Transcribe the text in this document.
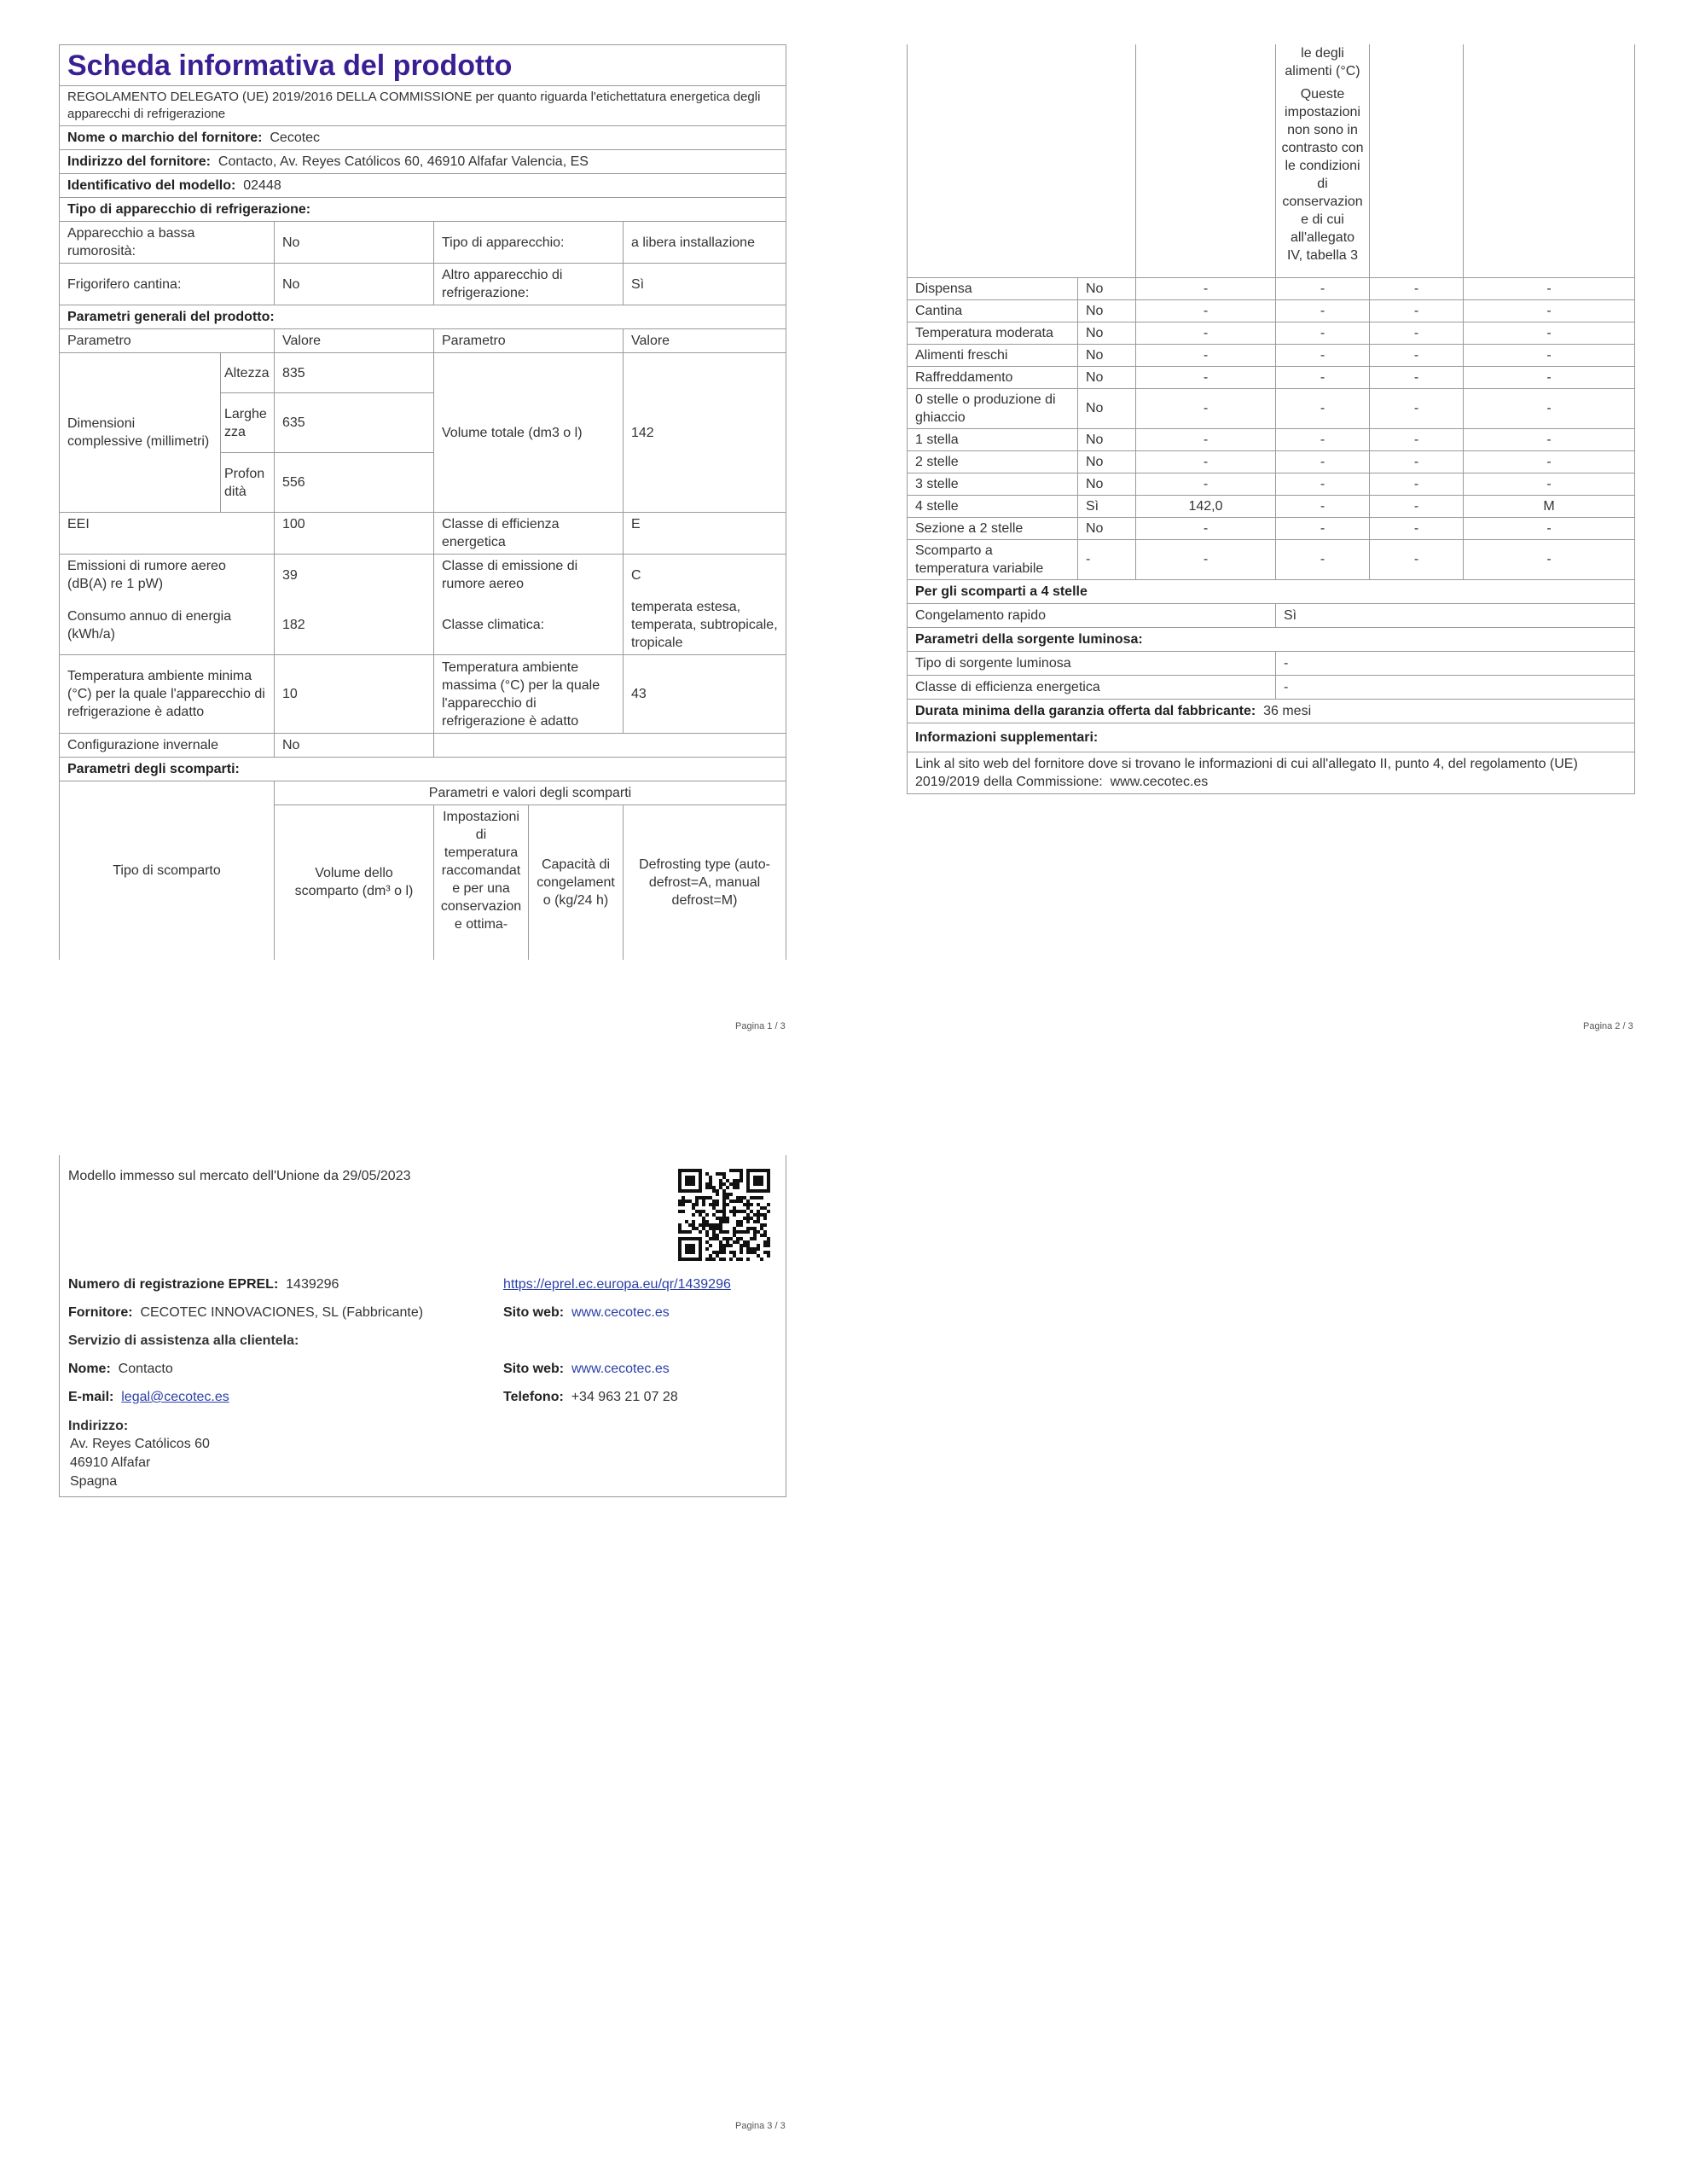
Scheda informativa del prodotto					
REGOLAMENTO DELEGATO (UE) 2019/2016 DELLA COMMISSIONE per quanto riguarda l'etichettatura energetica degli apparecchi di refrigerazione					
Nome o marchio del fornitore: Cecotec					
Indirizzo del fornitore: Contacto, Av. Reyes Católicos 60, 46910 Alfafar Valencia, ES					
Identificativo del modello: 02448					
Tipo di apparecchio di refrigerazione:					
Apparecchio a bassa rumorosità:		No	Tipo di apparecchio:		a libera installazione
Frigorifero cantina:		No	Altro apparecchio di refrigerazione:		Sì
Parametri generali del prodotto:					
Parametro		Valore	Parametro		Valore
Dimensioni complessive (millimetri)	Altezza	835	Volume totale (dm3 o l)		142
	Larghezza	635			
	Profondità	556			
EEI		100	Classe di efficienza energetica		E
Emissioni di rumore aereo (dB(A) re 1 pW)		39	Classe di emissione di rumore aereo		C
Consumo annuo di energia (kWh/a)		182	Classe climatica:		temperata estesa, temperata, subtropicale, tropicale
Temperatura ambiente minima (°C) per la quale l'apparecchio di refrigerazione è adatto		10	Temperatura ambiente massima (°C) per la quale l'apparecchio di refrigerazione è adatto		43
Configurazione invernale		No			
Parametri degli scomparti:					
Tipo di scomparto		Parametri e valori degli scomparti			
		Volume dello scomparto (dm³ o l)	Impostazioni di temperatura raccomandate per una conservazione ottima-	Capacità di congelamento (kg/24 h)	Defrosting type (auto-defrost=A, manual defrost=M)
Pagina 1 / 3

			le degli alimenti (°C)
Queste impostazioni non sono in contrasto con le condizioni di conservazione di cui all'allegato IV, tabella 3		

Dispensa	No	-	-	-	-
Cantina	No	-	-	-	-
Temperatura moderata	No	-	-	-	-
Alimenti freschi	No	-	-	-	-
Raffreddamento	No	-	-	-	-
0 stelle o produzione di ghiaccio	No	-	-	-	-
1 stella	No	-	-	-	-
2 stelle	No	-	-	-	-
3 stelle	No	-	-	-	-
4 stelle	Sì	142,0	-	-	M
Sezione a 2 stelle	No	-	-	-	-
Scomparto a temperatura variabile	-	-	-	-	-
Per gli scomparti a 4 stelle					
Congelamento rapido			Sì		
Parametri della sorgente luminosa:					
Tipo di sorgente luminosa			-		
Classe di efficienza energetica			-		
Durata minima della garanzia offerta dal fabbricante: 36 mesi					
Informazioni supplementari:					
Link al sito web del fornitore dove si trovano le informazioni di cui all'allegato II, punto 4, del regolamento (UE) 2019/2019 della Commissione: www.cecotec.es					
Pagina 2 / 3
Modello immesso sul mercato dell'Unione da 29/05/2023
Numero di registrazione EPREL: 1439296	https://eprel.ec.europa.eu/qr/1439296
Fornitore: CECOTEC INNOVACIONES, SL (Fabbricante)	Sito web: www.cecotec.es
Servizio di assistenza alla clientela:
Nome: Contacto	Sito web: www.cecotec.es
E-mail: legal@cecotec.es	Telefono: +34 963 21 07 28
Indirizzo:
Av. Reyes Católicos 60
46910 Alfafar
Spagna
Pagina 3 / 3
